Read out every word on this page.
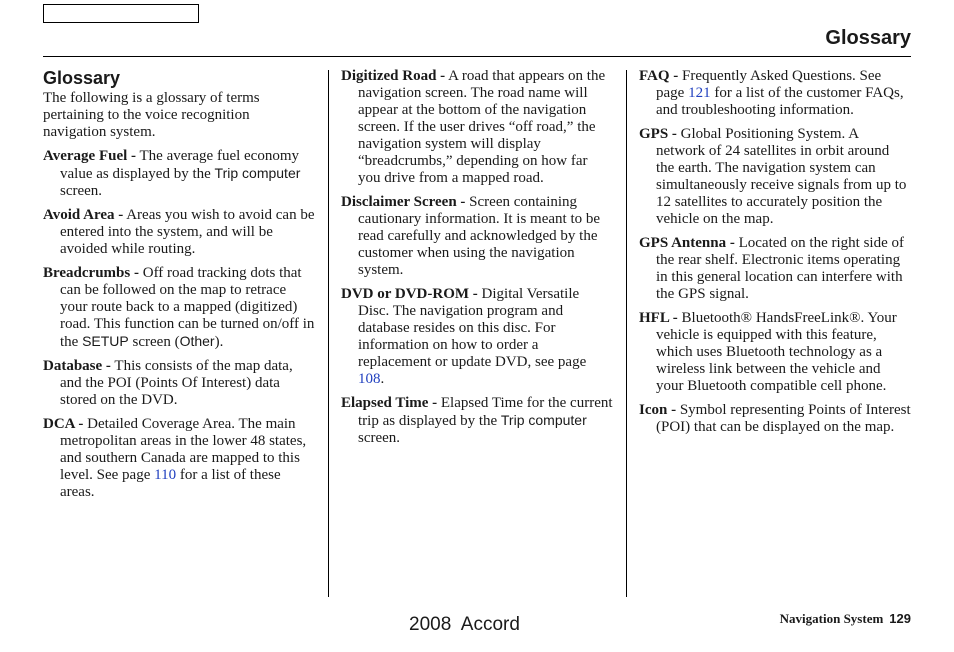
Glossary
Glossary

The following is a glossary of terms pertaining to the voice recognition navigation system.

Average Fuel - The average fuel economy value as displayed by the Trip computer screen.

Avoid Area - Areas you wish to avoid can be entered into the system, and will be avoided while routing.

Breadcrumbs - Off road tracking dots that can be followed on the map to retrace your route back to a mapped (digitized) road. This function can be turned on/off in the SETUP screen (Other).

Database - This consists of the map data, and the POI (Points Of Interest) data stored on the DVD.

DCA - Detailed Coverage Area. The main metropolitan areas in the lower 48 states, and southern Canada are mapped to this level. See page 110 for a list of these areas.

Digitized Road - A road that appears on the navigation screen. The road name will appear at the bottom of the navigation screen. If the user drives “off road,” the navigation system will display “breadcrumbs,” depending on how far you drive from a mapped road.

Disclaimer Screen - Screen containing cautionary information. It is meant to be read carefully and acknowledged by the customer when using the navigation system.

DVD or DVD-ROM - Digital Versatile Disc. The navigation program and database resides on this disc. For information on how to order a replacement or update DVD, see page 108.

Elapsed Time - Elapsed Time for the current trip as displayed by the Trip computer screen.

FAQ - Frequently Asked Questions. See page 121 for a list of the customer FAQs, and troubleshooting information.

GPS - Global Positioning System. A network of 24 satellites in orbit around the earth. The navigation system can simultaneously receive signals from up to 12 satellites to accurately position the vehicle on the map.

GPS Antenna - Located on the right side of the rear shelf. Electronic items operating in this general location can interfere with the GPS signal.

HFL - Bluetooth® HandsFreeLink®. Your vehicle is equipped with this feature, which uses Bluetooth technology as a wireless link between the vehicle and your Bluetooth compatible cell phone.

Icon - Symbol representing Points of Interest (POI) that can be displayed on the map.

Navigation System 129
2008  Accord
